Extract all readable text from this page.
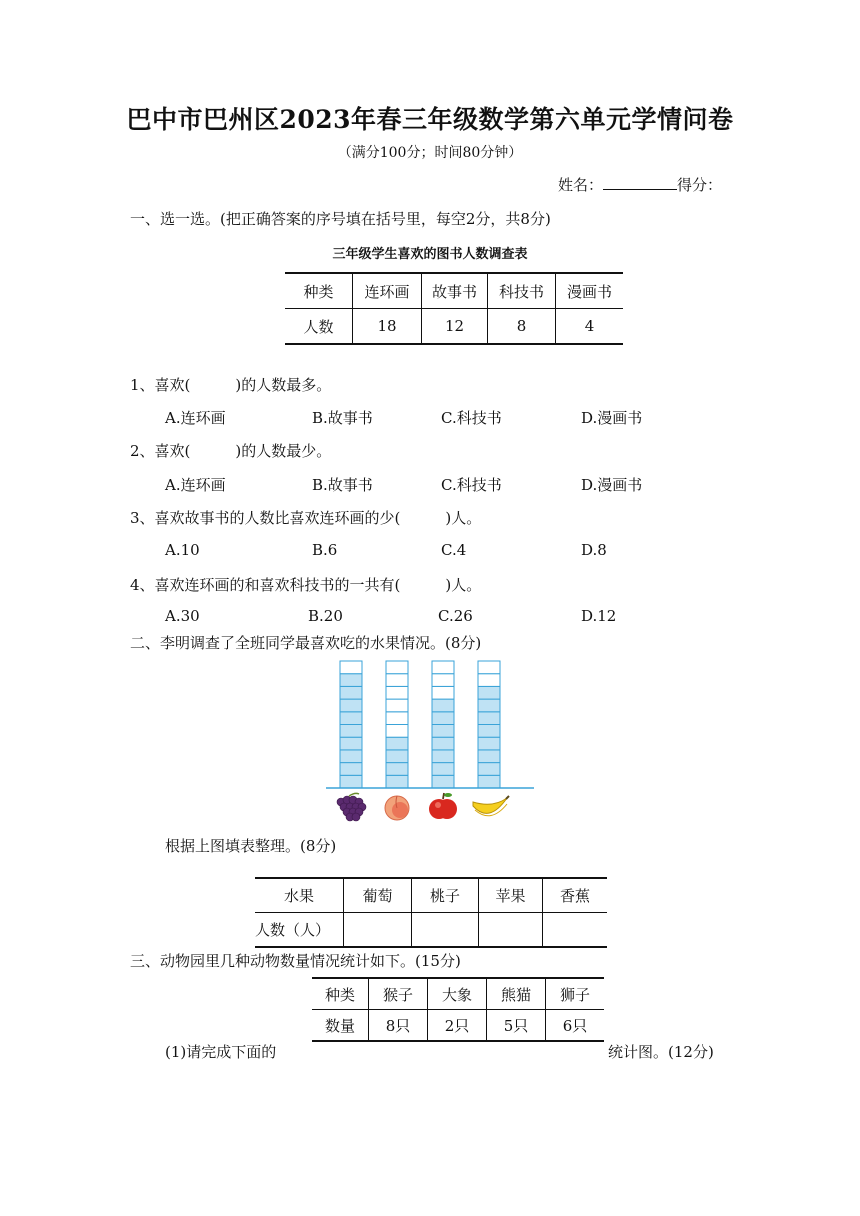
巴中市巴州区2023年春三年级数学第六单元学情问卷
（满分100分；时间80分钟）
姓名：	得分：
一、选一选。(把正确答案的序号填在括号里，每空2分，共8分)
三年级学生喜欢的图书人数调查表
种类	连环画	故事书	科技书	漫画书
人数	18	12	8	4
1、喜欢(　　　)的人数最多。
A.连环画	B.故事书	C.科技书	D.漫画书
2、喜欢(　　　)的人数最少。
A.连环画	B.故事书	C.科技书	D.漫画书
3、喜欢故事书的人数比喜欢连环画的少(　　　)人。
A.10	B.6	C.4	D.8
4、喜欢连环画的和喜欢科技书的一共有(　　　)人。
A.30	B.20	C.26	D.12
二、李明调查了全班同学最喜欢吃的水果情况。(8分)
根据上图填表整理。(8分)
水果	葡萄	桃子	苹果	香蕉
人数（人）				
三、动物园里几种动物数量情况统计如下。(15分)
种类	猴子	大象	熊猫	狮子
数量	8只	2只	5只	6只
(1)请完成下面的	统计图。(12分)
